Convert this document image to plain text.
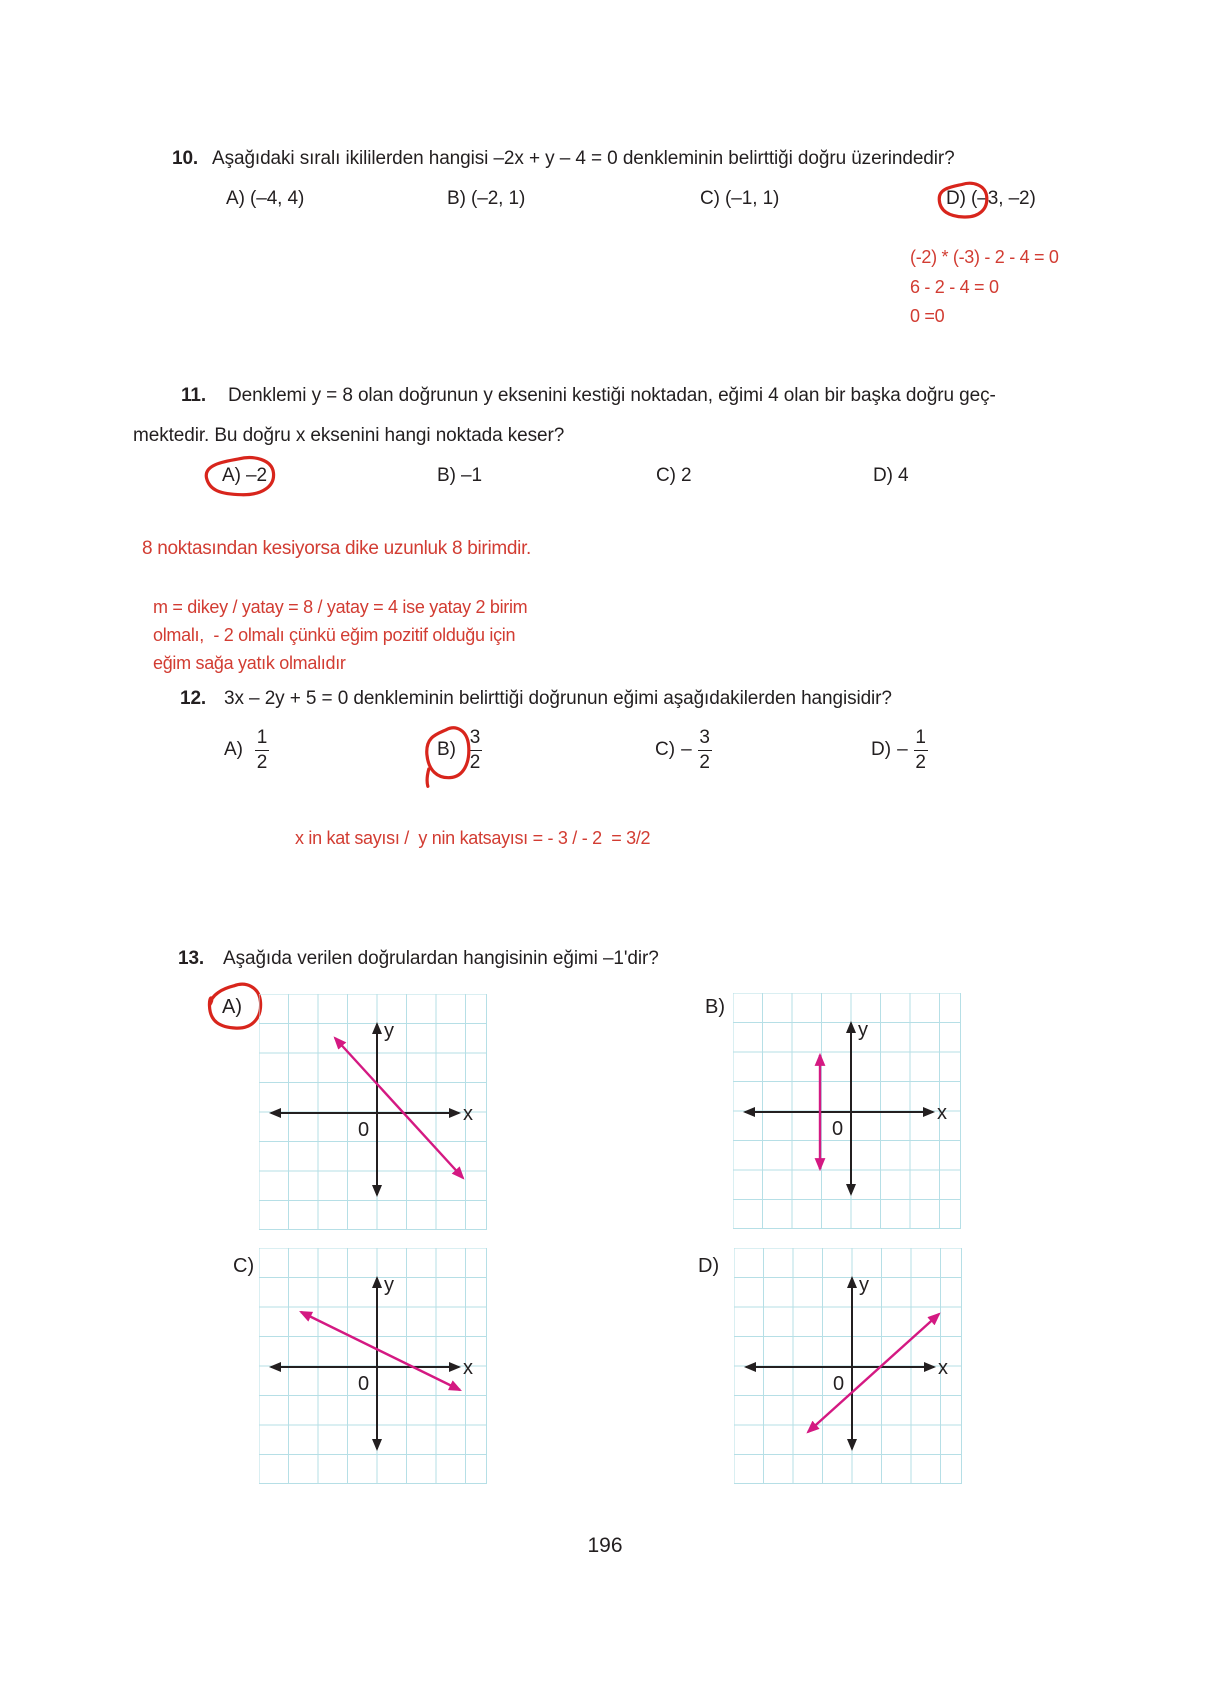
10. Aşağıdaki sıralı ikililerden hangisi –2x + y – 4 = 0 denkleminin belirttiği doğru üzerindedir?
A) (–4, 4)	B) (–2, 1)	C) (–1, 1)	D) (–3, –2)
(-2) * (-3) - 2 - 4 = 0
6 - 2 - 4 = 0
0 =0
11. Denklemi y = 8 olan doğrunun y eksenini kestiği noktadan, eğimi 4 olan bir başka doğru geç-
mektedir. Bu doğru x eksenini hangi noktada keser?
A) –2	B) –1	C) 2	D) 4
8 noktasından kesiyorsa dike uzunluk 8 birimdir.
m = dikey / yatay = 8 / yatay = 4 ise yatay 2 birim
olmalı,  - 2 olmalı çünkü eğim pozitif olduğu için
eğim sağa yatık olmalıdır
12. 3x – 2y + 5 = 0 denkleminin belirttiği doğrunun eğimi aşağıdakilerden hangisidir?
$A) \frac{1}{2}$	$B) \frac{3}{2}$	$C) - \frac{3}{2}$	$D) - \frac{1}{2}$
x in kat sayısı /  y nin katsayısı = - 3 / - 2  = 3/2
13. Aşağıda verilen doğrulardan hangisinin eğimi –1'dir?
A)	B)
C)	D)
y
x
0
y
x
0
y
x
0
y
x
0
196
